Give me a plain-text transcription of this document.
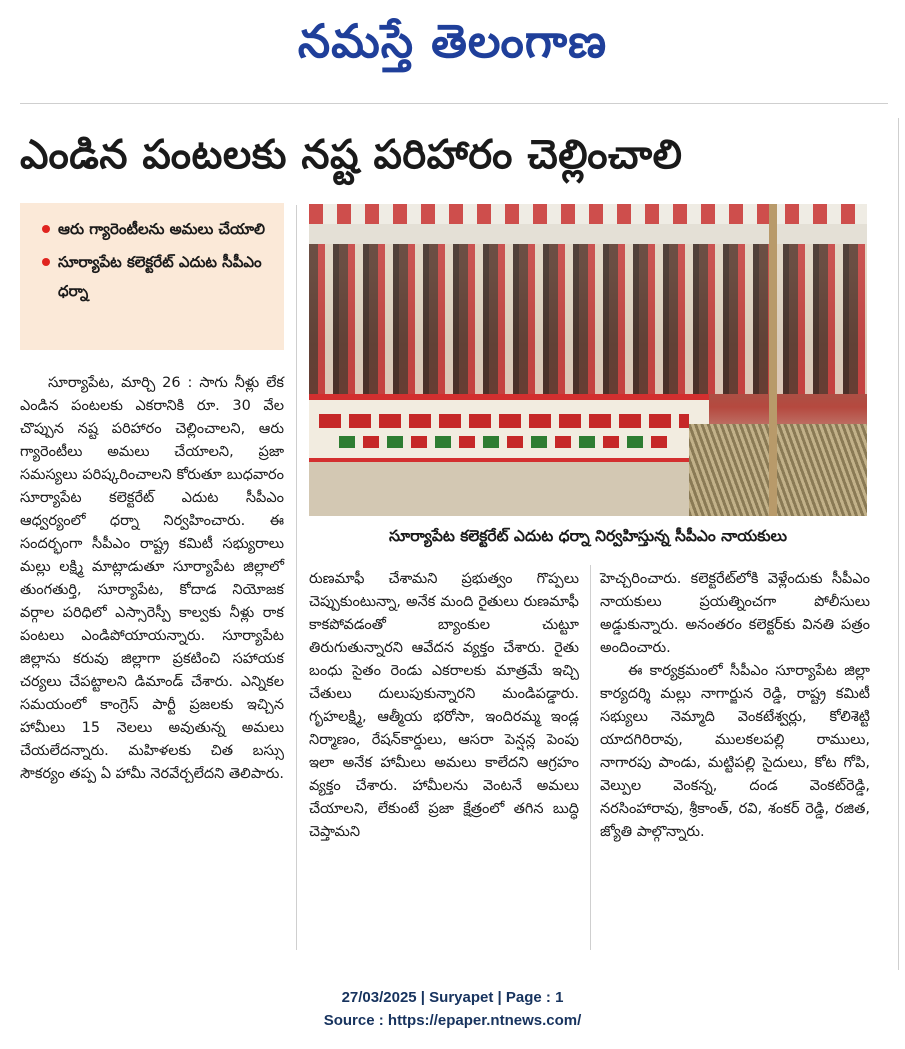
నమస్తే తెలంగాణ
ఎండిన పంటలకు నష్ట పరిహారం చెల్లించాలి
ఆరు గ్యారెంటీలను అమలు చేయాలి
సూర్యాపేట కలెక్టరేట్ ఎదుట సీపీఎం ధర్నా
సూర్యాపేట కలెక్టరేట్ ఎదుట ధర్నా నిర్వహిస్తున్న సీపీఎం నాయకులు

సూర్యాపేట, మార్చి 26 : సాగు నీళ్లు లేక ఎండిన పంటలకు ఎకరానికి రూ. 30 వేల చొప్పున నష్ట పరిహారం చెల్లించాలని, ఆరు గ్యారెంటీలు అమలు చేయాలని, ప్రజా సమస్యలు పరిష్కరించాలని కోరుతూ బుధవారం సూర్యాపేట కలెక్టరేట్ ఎదుట సీపీఎం ఆధ్వర్యంలో ధర్నా నిర్వహించారు. ఈ సందర్భంగా సీపీఎం రాష్ట్ర కమిటీ సభ్యురాలు మల్లు లక్ష్మి మాట్లాడుతూ సూర్యాపేట జిల్లాలో తుంగతుర్తి, సూర్యాపేట, కోదాడ నియోజక వర్గాల పరిధిలో ఎస్సారెస్పీ కాల్వకు నీళ్లు రాక పంటలు ఎండిపోయాయన్నారు. సూర్యాపేట జిల్లాను కరువు జిల్లాగా ప్రకటించి సహాయక చర్యలు చేపట్టాలని డిమాండ్ చేశారు. ఎన్నికల సమయంలో కాంగ్రెస్ పార్టీ ప్రజలకు ఇచ్చిన హామీలు 15 నెలలు అవుతున్న అమలు చేయలేదన్నారు. మహిళలకు చిత బస్సు సౌకర్యం తప్ప ఏ హామీ నెరవేర్చలేదని తెలిపారు.

రుణమాఫీ చేశామని ప్రభుత్వం గొప్పలు చెప్పుకుంటున్నా, అనేక మంది రైతులు రుణమాఫీ కాకపోవడంతో బ్యాంకుల చుట్టూ తిరుగుతున్నారని ఆవేదన వ్యక్తం చేశారు. రైతు బంధు సైతం రెండు ఎకరాలకు మాత్రమే ఇచ్చి చేతులు దులుపుకున్నారని మండిపడ్డారు. గృహలక్ష్మి, ఆత్మీయ భరోసా, ఇందిరమ్మ ఇండ్ల నిర్మాణం, రేషన్‌కార్డులు, ఆసరా పెన్షన్ల పెంపు ఇలా అనేక హామీలు అమలు కాలేదని ఆగ్రహం వ్యక్తం చేశారు. హామీలను వెంటనే అమలు చేయాలని, లేకుంటే ప్రజా క్షేత్రంలో తగిన బుద్ధి చెప్తామని

హెచ్చరించారు. కలెక్టరేట్‌లోకి వెళ్లేందుకు సీపీఎం నాయకులు ప్రయత్నించగా పోలీసులు అడ్డుకున్నారు. అనంతరం కలెక్టర్‌కు వినతి పత్రం అందించారు.

ఈ కార్యక్రమంలో సీపీఎం సూర్యాపేట జిల్లా కార్యదర్శి మల్లు నాగార్జున రెడ్డి, రాష్ట్ర కమిటీ సభ్యులు నెమ్మాది వెంకటేశ్వర్లు, కోలిశెట్టి యాదగిరిరావు, ములకలపల్లి రాములు, నాగారపు పాండు, మట్టిపల్లి సైదులు, కోట గోపి, వెల్పుల వెంకన్న, దండ వెంకట్‌రెడ్డి, నరసింహారావు, శ్రీకాంత్, రవి, శంకర్ రెడ్డి, రజిత, జ్యోతి పాల్గొన్నారు.

27/03/2025 | Suryapet | Page : 1
Source : https://epaper.ntnews.com/
